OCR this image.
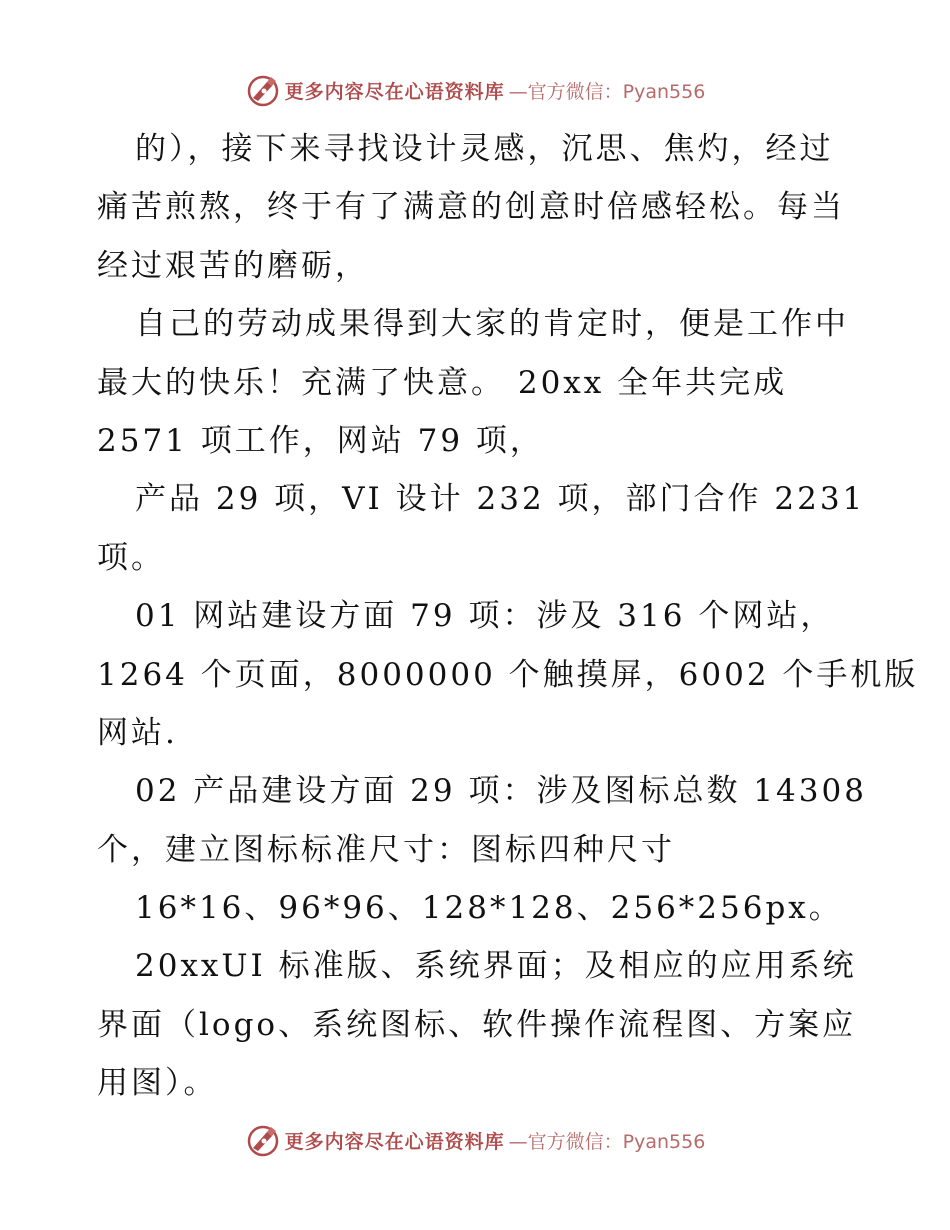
更多内容尽在心语资料库 —官方微信：Pyan556
的），接下来寻找设计灵感，沉思、焦灼，经过
痛苦煎熬，终于有了满意的创意时倍感轻松。每当
经过艰苦的磨砺，
自己的劳动成果得到大家的肯定时，便是工作中
最大的快乐！充满了快意。 20xx 全年共完成
2571 项工作，网站 79 项，
产品 29 项，VI 设计 232 项，部门合作 2231
项。
01 网站建设方面 79 项：涉及 316 个网站，
1264 个页面，8000000 个触摸屏，6002 个手机版
网站.
02 产品建设方面 29 项：涉及图标总数 14308
个，建立图标标准尺寸：图标四种尺寸
16*16、96*96、128*128、256*256px。
20xxUI 标准版、系统界面；及相应的应用系统
界面（logo、系统图标、软件操作流程图、方案应
用图）。
更多内容尽在心语资料库 —官方微信：Pyan556
